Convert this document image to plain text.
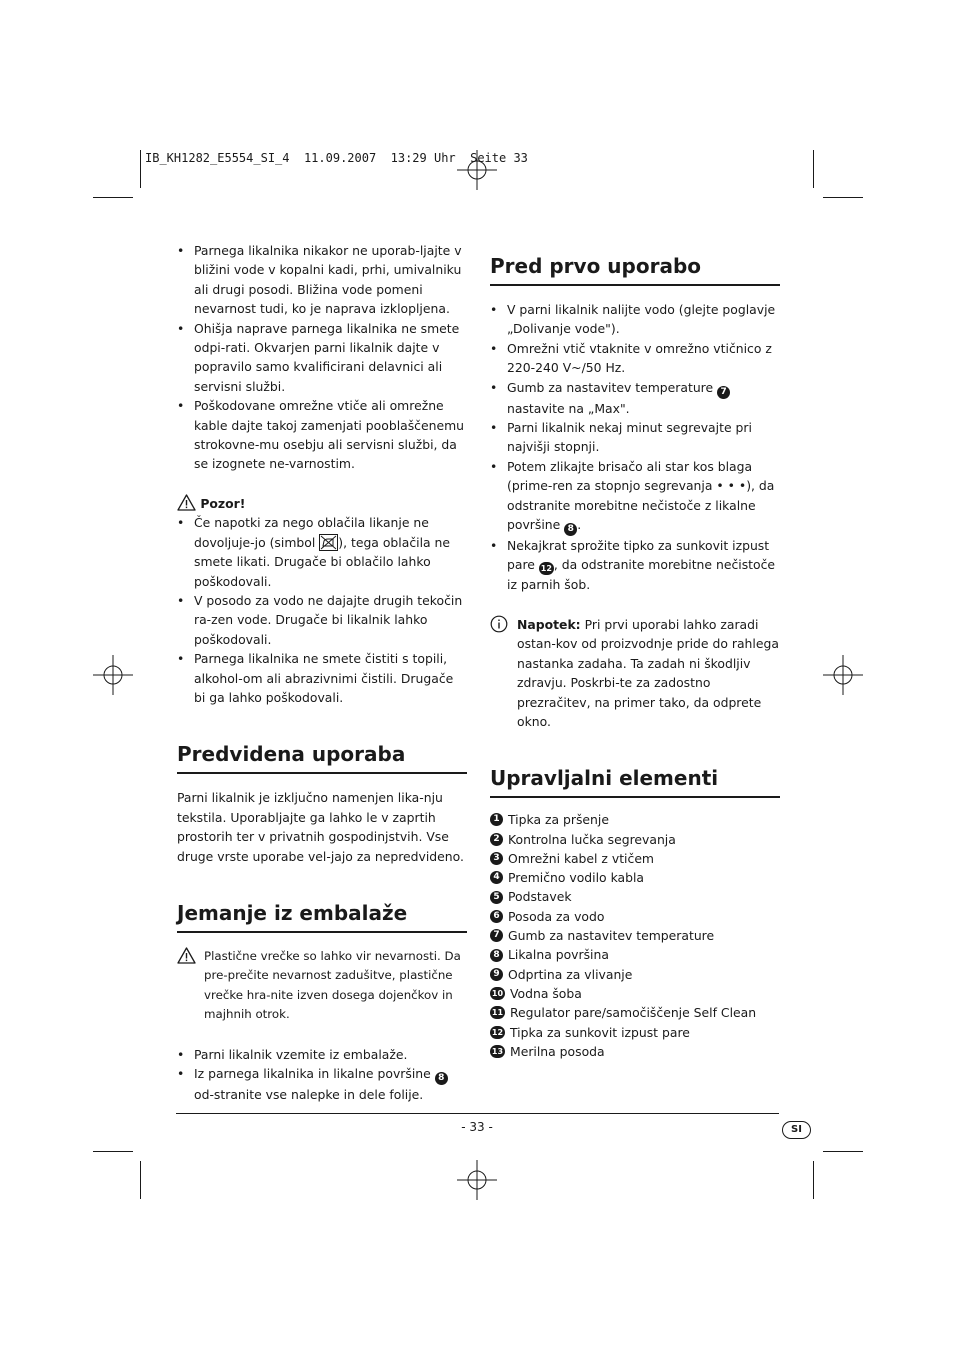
IB_KH1282_E5554_SI_4  11.09.2007  13:29 Uhr  Seite 33
• Parnega likalnika nikakor ne uporab-ljajte v bližini vode v kopalni kadi, prhi, umivalniku ali drugi posodi. Bližina vode pomeni nevarnost tudi, ko je naprava izklopljena.
• Ohišja naprave parnega likalnika ne smete odpi-rati. Okvarjen parni likalnik dajte v popravilo samo kvalificirani delavnici ali servisni službi.
• Poškodovane omrežne vtiče ali omrežne kable dajte takoj zamenjati pooblaščenemu strokovne-mu osebju ali servisni službi, da se izognete ne-varnostim.
Pozor!
• Če napotki za nego oblačila likanje ne dovoljuje-jo (simbol ), tega oblačila ne smete likati. Drugače bi oblačilo lahko poškodovali.
• V posodo za vodo ne dajajte drugih tekočin ra-zen vode. Drugače bi likalnik lahko poškodovali.
• Parnega likalnika ne smete čistiti s topili, alkohol-om ali abrazivnimi čistili. Drugače bi ga lahko poškodovali.
Predvidena uporaba

Parni likalnik je izključno namenjen lika-nju tekstila. Uporabljajte ga lahko le v zaprtih prostorih ter v privatnih gospodinjstvih. Vse druge vrste uporabe vel-jajo za nepredvideno.

Jemanje iz embalaže
Plastične vrečke so lahko vir nevarnosti. Da pre-prečite nevarnost zadušitve, plastične vrečke hra-nite izven dosega dojenčkov in majhnih otrok.
• Parni likalnik vzemite iz embalaže.
• Iz parnega likalnika in likalne površine 8 od-stranite vse nalepke in dele folije.
Pred prvo uporabo
• V parni likalnik nalijte vodo (glejte poglavje „Dolivanje vode").
• Omrežni vtič vtaknite v omrežno vtičnico z 220-240 V~/50 Hz.
• Gumb za nastavitev temperature 7 nastavite na „Max".
• Parni likalnik nekaj minut segrevajte pri najvišji stopnji.
• Potem zlikajte brisačo ali star kos blaga (prime-ren za stopnjo segrevanja • • •), da odstranite morebitne nečistoče z likalne površine 8 .
• Nekajkrat sprožite tipko za sunkovit izpust pare 12 , da odstranite morebitne nečistoče iz parnih šob.
Napotek: Pri prvi uporabi lahko zaradi ostan-kov od proizvodnje pride do rahlega nastanka zadaha. Ta zadah ni škodljiv zdravju. Poskrbi-te za zadostno prezračitev, na primer tako, da odprete okno.
Upravljalni elementi
1 Tipka za pršenje
2 Kontrolna lučka segrevanja
3 Omrežni kabel z vtičem
4 Premično vodilo kabla
5 Podstavek
6 Posoda za vodo
7 Gumb za nastavitev temperature
8 Likalna površina
9 Odprtina za vlivanje
10 Vodna šoba
11 Regulator pare/samočiščenje Self Clean
12 Tipka za sunkovit izpust pare
13 Merilna posoda
- 33 -	SI
